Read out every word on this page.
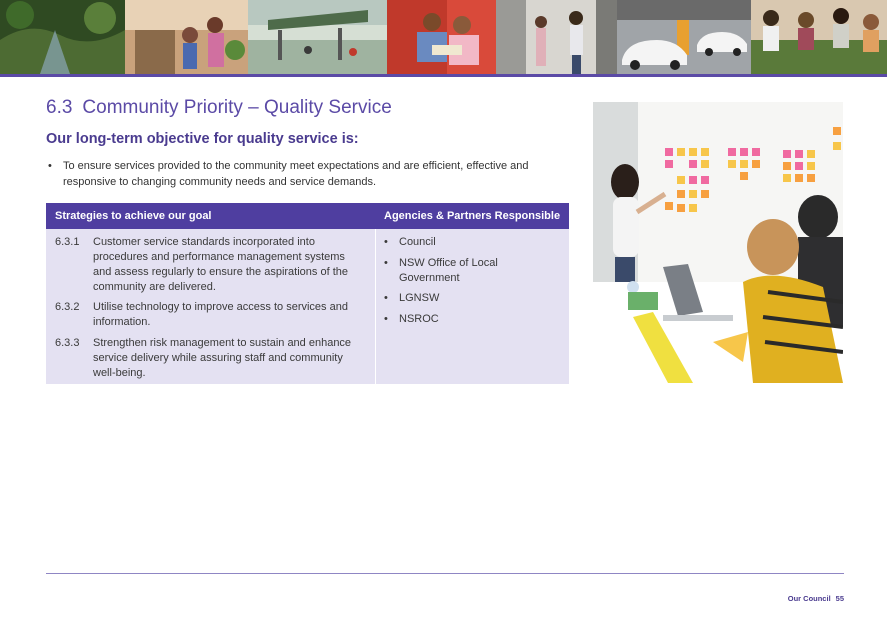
6.3 Community Priority – Quality Service
Our long-term objective for quality service is:
•	To ensure services provided to the community meet expectations and are efficient, effective and responsive to changing community needs and service demands.
Strategies to achieve our goal	Agencies & Partners Responsible
6.3.1	Customer service standards incorporated into procedures and performance management systems and assess regularly to ensure the aspirations of the community are delivered.
6.3.2	Utilise technology to improve access to services and information.
6.3.3	Strengthen risk management to sustain and enhance service delivery while assuring staff and community well-being.
•	Council
•	NSW Office of Local Government
•	LGNSW
•	NSROC
Our Council 55
